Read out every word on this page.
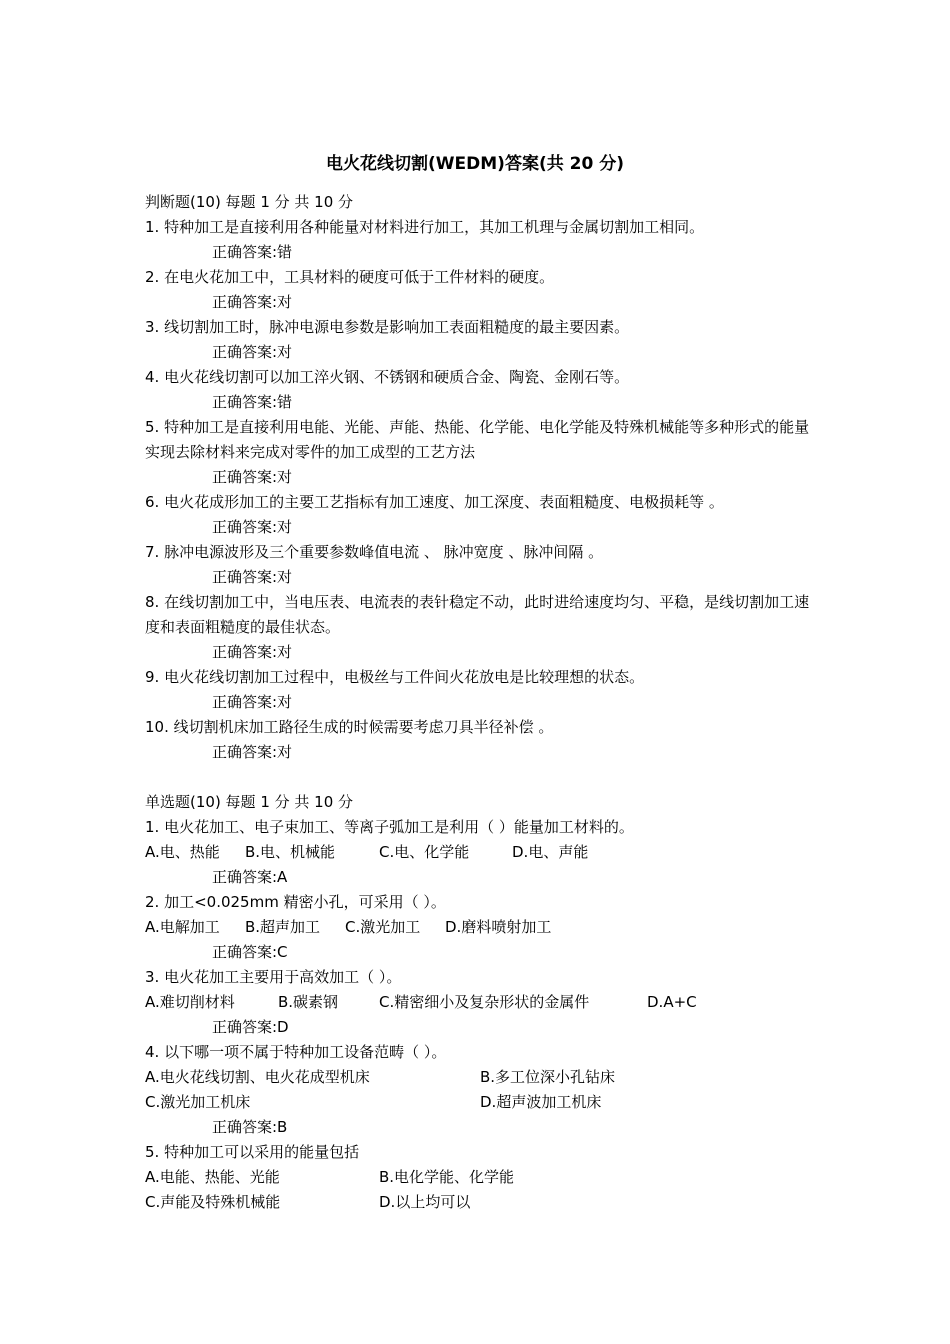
电火花线切割(WEDM)答案(共 20 分)
判断题(10) 每题 1 分 共 10 分
1. 特种加工是直接利用各种能量对材料进行加工，其加工机理与金属切割加工相同。
正确答案:错
2. 在电火花加工中，工具材料的硬度可低于工件材料的硬度。
正确答案:对
3. 线切割加工时，脉冲电源电参数是影响加工表面粗糙度的最主要因素。
正确答案:对
4. 电火花线切割可以加工淬火钢、不锈钢和硬质合金、陶瓷、金刚石等。
正确答案:错
5. 特种加工是直接利用电能、光能、声能、热能、化学能、电化学能及特殊机械能等多种形式的能量实现去除材料来完成对零件的加工成型的工艺方法
正确答案:对
6. 电火花成形加工的主要工艺指标有加工速度、加工深度、表面粗糙度、电极损耗等 。
正确答案:对
7. 脉冲电源波形及三个重要参数峰值电流 、 脉冲宽度 、脉冲间隔 。
正确答案:对
8. 在线切割加工中，当电压表、电流表的表针稳定不动，此时进给速度均匀、平稳，是线切割加工速度和表面粗糙度的最佳状态。
正确答案:对
9. 电火花线切割加工过程中，电极丝与工件间火花放电是比较理想的状态。
正确答案:对
10. 线切割机床加工路径生成的时候需要考虑刀具半径补偿 。
正确答案:对
单选题(10) 每题 1 分 共 10 分
1. 电火花加工、电子束加工、等离子弧加工是利用（ ）能量加工材料的。
A.电、热能	B.电、机械能	C.电、化学能	D.电、声能
正确答案:A
2. 加工<0.025mm 精密小孔，可采用（ ）。
A.电解加工	B.超声加工	C.激光加工	D.磨料喷射加工
正确答案:C
3. 电火花加工主要用于高效加工（ ）。
A.难切削材料	B.碳素钢	C.精密细小及复杂形状的金属件	D.A+C
正确答案:D
4. 以下哪一项不属于特种加工设备范畴（ ）。
A.电火花线切割、电火花成型机床	B.多工位深小孔钻床
C.激光加工机床	D.超声波加工机床
正确答案:B
5. 特种加工可以采用的能量包括
A.电能、热能、光能	B.电化学能、化学能
C.声能及特殊机械能	D.以上均可以
